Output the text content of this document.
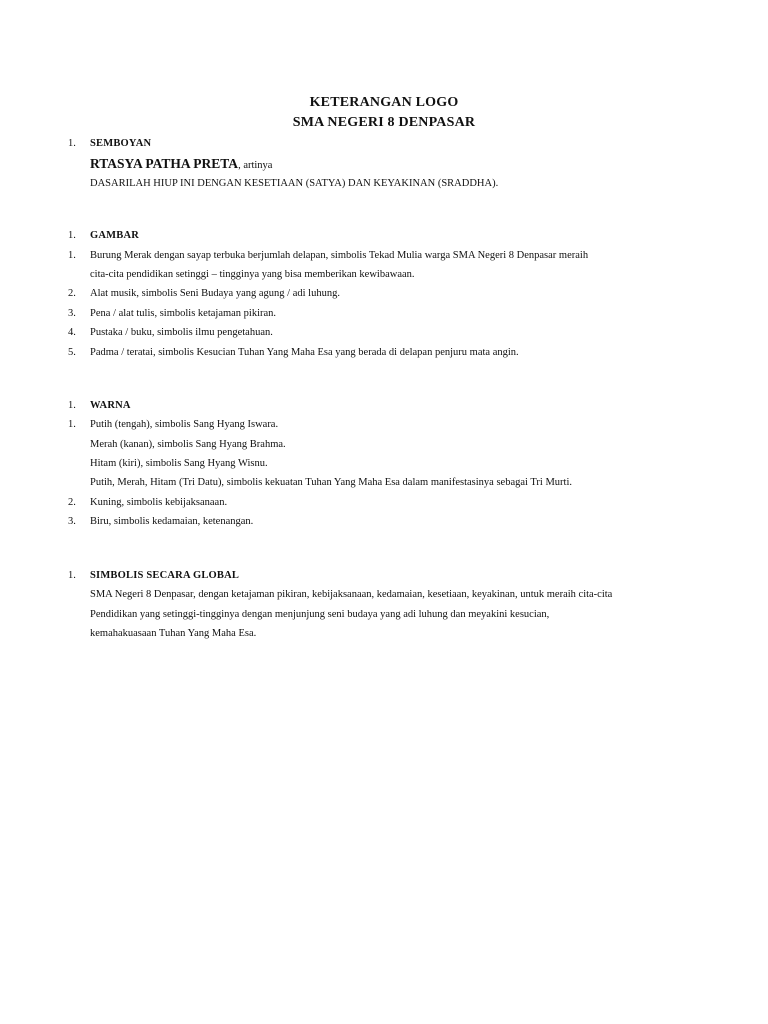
KETERANGAN LOGO
SMA NEGERI 8 DENPASAR
1.	SEMBOYAN
RTASYA PATHA PRETA, artinya
DASARILAH HIUP INI DENGAN KESETIAAN (SATYA) DAN KEYAKINAN (SRADDHA).
1.	GAMBAR
1.	Burung Merak dengan sayap terbuka berjumlah delapan, simbolis Tekad Mulia warga SMA Negeri 8 Denpasar meraih
cita-cita pendidikan setinggi – tingginya yang bisa memberikan kewibawaan.
2.	Alat musik, simbolis Seni Budaya yang agung / adi luhung.
3.	Pena / alat tulis, simbolis ketajaman pikiran.
4.	Pustaka / buku, simbolis ilmu pengetahuan.
5.	Padma / teratai, simbolis Kesucian Tuhan Yang Maha Esa yang berada di delapan penjuru mata angin.
1.	WARNA
1.	Putih (tengah), simbolis Sang Hyang Iswara.
Merah (kanan), simbolis Sang Hyang Brahma.
Hitam (kiri), simbolis Sang Hyang Wisnu.
Putih, Merah, Hitam (Tri Datu), simbolis kekuatan Tuhan Yang Maha Esa dalam manifestasinya sebagai Tri Murti.
2.	Kuning, simbolis kebijaksanaan.
3.	Biru, simbolis kedamaian, ketenangan.
1.	SIMBOLIS SECARA GLOBAL
SMA Negeri 8 Denpasar, dengan ketajaman pikiran, kebijaksanaan, kedamaian, kesetiaan, keyakinan, untuk meraih cita-cita
Pendidikan yang setinggi-tingginya dengan menjunjung seni budaya yang adi luhung dan meyakini kesucian,
kemahakuasaan Tuhan Yang Maha Esa.
